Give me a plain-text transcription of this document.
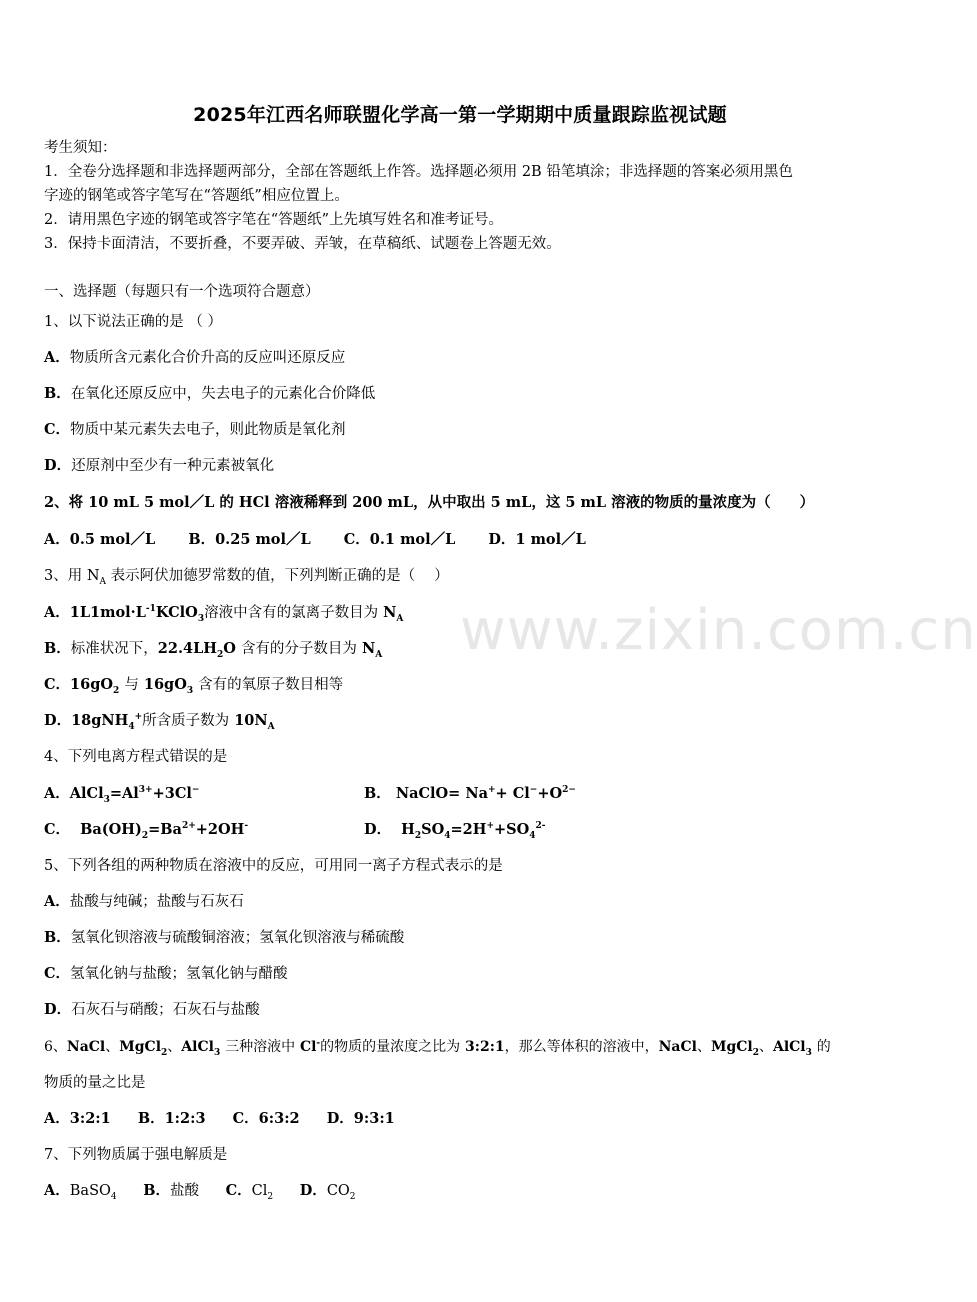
2025年江西名师联盟化学高一第一学期期中质量跟踪监视试题
考生须知：
1．全卷分选择题和非选择题两部分，全部在答题纸上作答。选择题必须用 2B 铅笔填涂；非选择题的答案必须用黑色
字迹的钢笔或答字笔写在“答题纸”相应位置上。
2．请用黑色字迹的钢笔或答字笔在“答题纸”上先填写姓名和准考证号。
3．保持卡面清洁，不要折叠，不要弄破、弄皱，在草稿纸、试题卷上答题无效。
一、选择题（每题只有一个选项符合题意）
1、以下说法正确的是 （ ）
A．物质所含元素化合价升高的反应叫还原反应
B．在氧化还原反应中，失去电子的元素化合价降低
C．物质中某元素失去电子，则此物质是氧化剂
D．还原剂中至少有一种元素被氧化
2、将 10 mL 5 mol／L 的 HCl 溶液稀释到 200 mL，从中取出 5 mL，这 5 mL 溶液的物质的量浓度为（　　）
A．0.5 mol／L B．0.25 mol／L C．0.1 mol／L D．1 mol／L
3、用 $N_A$ 表示阿伏加德罗常数的值，下列判断正确的是（　 ）
A．$1L1mol\cdot L^{-1}KClO_3$溶液中含有的氯离子数目为 $N_A$
B．标准状况下，$22.4LH_2O$ 含有的分子数目为 $N_A$
C．$16gO_2$ 与 $16gO_3$ 含有的氧原子数目相等
D．18gNH$_4$+所含质子数为 $10N_A$
4、下列电离方程式错误的是
A．$AlCl_3=Al^{3+}+3Cl^-$	B． NaClO= $Na^++ Cl^-+O^{2-}$
C．  $Ba(OH)_2=Ba^{2+}+2OH^-$	D．  $H_2SO_4=2H^++SO_4^{2-}$
5、下列各组的两种物质在溶液中的反应，可用同一离子方程式表示的是
A．盐酸与纯碱；盐酸与石灰石
B．氢氧化钡溶液与硫酸铜溶液；氢氧化钡溶液与稀硫酸
C．氢氧化钠与盐酸；氢氧化钠与醋酸
D．石灰石与硝酸；石灰石与盐酸
6、NaCl、MgCl$_2$、AlCl$_3$ 三种溶液中 Cl-的物质的量浓度之比为 3:2:1，那么等体积的溶液中，NaCl、MgCl$_2$、AlCl$_3$ 的
物质的量之比是
A．3:2:1 B．1:2:3 C．6:3:2 D．9:3:1
7、下列物质属于强电解质是
A．BaSO$_4$ B．盐酸 C．$Cl_2$ D．$CO_2$
www.zixin.com.cn
